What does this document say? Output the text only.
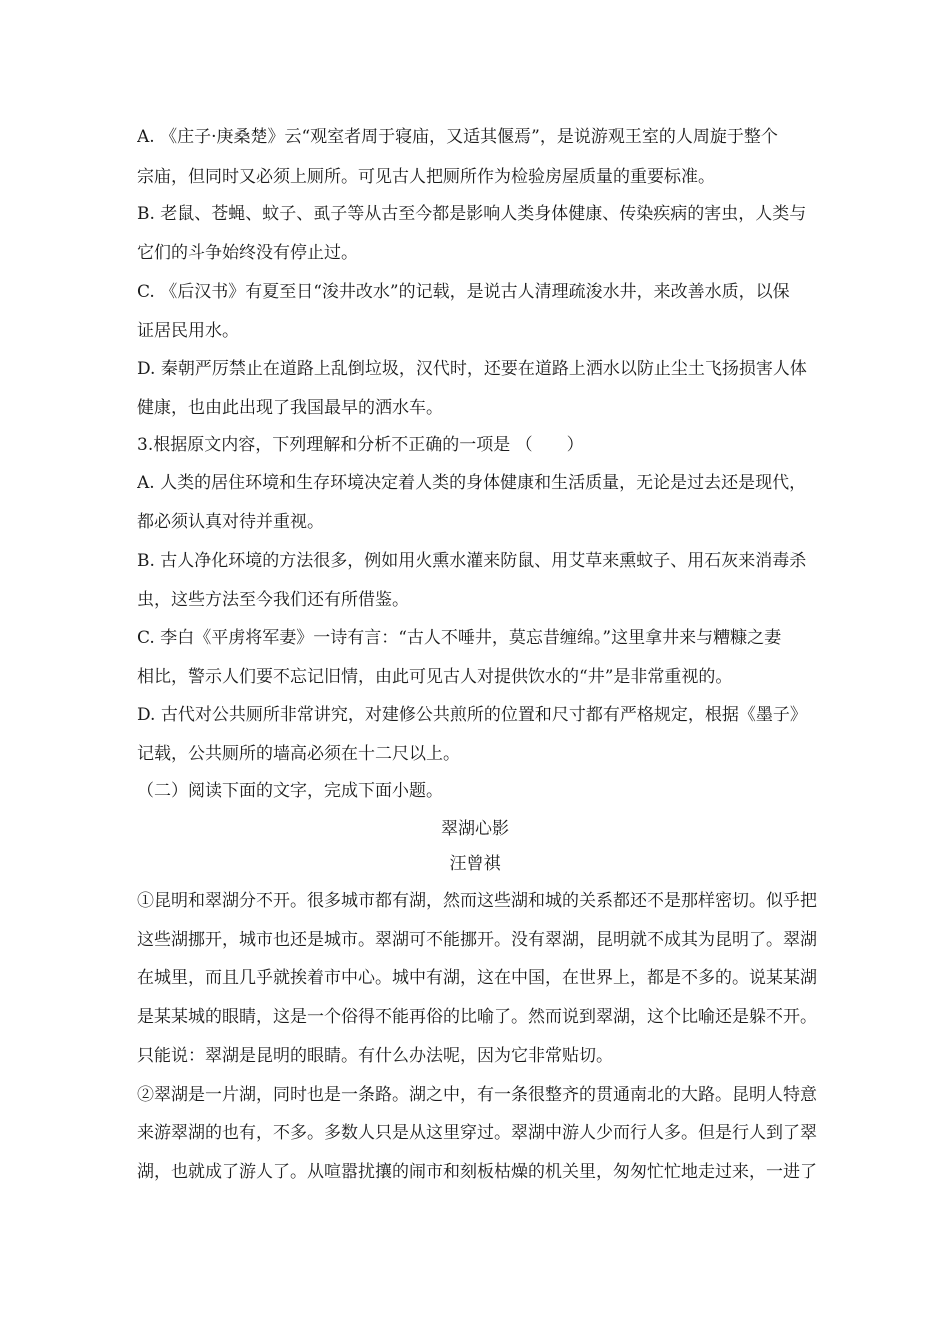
A. 《庄子·庚桑楚》云“观室者周于寝庙，又适其偃焉”，是说游观王室的人周旋于整个
宗庙，但同时又必须上厕所。可见古人把厕所作为检验房屋质量的重要标准。
B. 老鼠、苍蝇、蚊子、虱子等从古至今都是影响人类身体健康、传染疾病的害虫，人类与
它们的斗争始终没有停止过。
C. 《后汉书》有夏至日“浚井改水”的记载，是说古人清理疏浚水井，来改善水质，以保
证居民用水。
D. 秦朝严厉禁止在道路上乱倒垃圾，汉代时，还要在道路上洒水以防止尘土飞扬损害人体
健康，也由此出现了我国最早的洒水车。
3.根据原文内容，下列理解和分析不正确的一项是 （　　）
A. 人类的居住环境和生存环境决定着人类的身体健康和生活质量，无论是过去还是现代，
都必须认真对待并重视。
B. 古人净化环境的方法很多，例如用火熏水灌来防鼠、用艾草来熏蚊子、用石灰来消毒杀
虫，这些方法至今我们还有所借鉴。
C. 李白《平虏将军妻》一诗有言：“古人不唾井，莫忘昔缠绵。”这里拿井来与糟糠之妻
相比，警示人们要不忘记旧情，由此可见古人对提供饮水的“井”是非常重视的。
D. 古代对公共厕所非常讲究，对建修公共煎所的位置和尺寸都有严格规定，根据《墨子》
记载，公共厕所的墙高必须在十二尺以上。
（二）阅读下面的文字，完成下面小题。
翠湖心影
汪曾祺
①昆明和翠湖分不开。很多城市都有湖，然而这些湖和城的关系都还不是那样密切。似乎把
这些湖挪开，城市也还是城市。翠湖可不能挪开。没有翠湖，昆明就不成其为昆明了。翠湖
在城里，而且几乎就挨着市中心。城中有湖，这在中国，在世界上，都是不多的。说某某湖
是某某城的眼睛，这是一个俗得不能再俗的比喻了。然而说到翠湖，这个比喻还是躲不开。
只能说：翠湖是昆明的眼睛。有什么办法呢，因为它非常贴切。
②翠湖是一片湖，同时也是一条路。湖之中，有一条很整齐的贯通南北的大路。昆明人特意
来游翠湖的也有，不多。多数人只是从这里穿过。翠湖中游人少而行人多。但是行人到了翠
湖，也就成了游人了。从喧嚣扰攘的闹市和刻板枯燥的机关里，匆匆忙忙地走过来，一进了
